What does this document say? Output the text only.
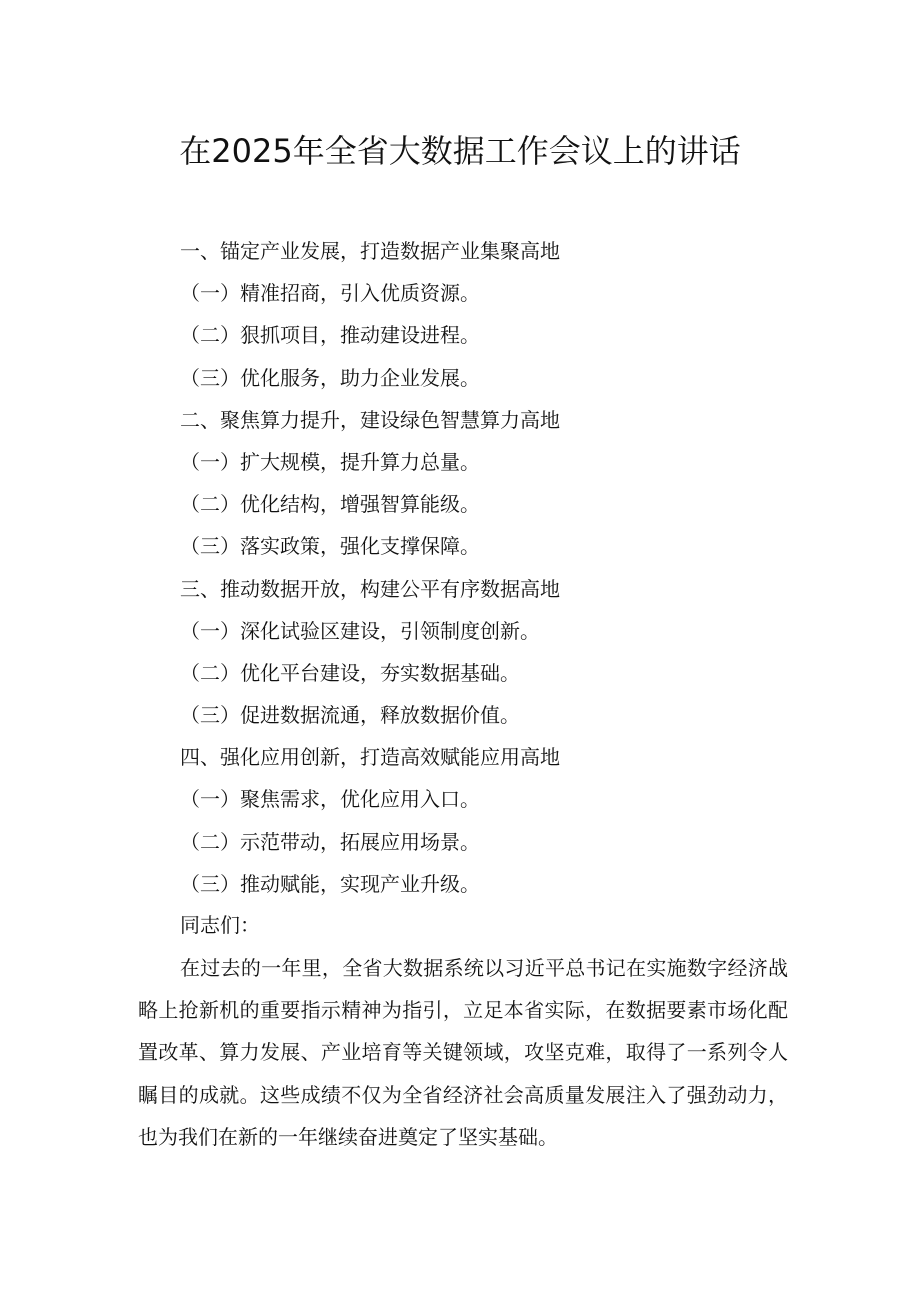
在2025年全省大数据工作会议上的讲话
一、锚定产业发展，打造数据产业集聚高地
（一）精准招商，引入优质资源。
（二）狠抓项目，推动建设进程。
（三）优化服务，助力企业发展。
二、聚焦算力提升，建设绿色智慧算力高地
（一）扩大规模，提升算力总量。
（二）优化结构，增强智算能级。
（三）落实政策，强化支撑保障。
三、推动数据开放，构建公平有序数据高地
（一）深化试验区建设，引领制度创新。
（二）优化平台建设，夯实数据基础。
（三）促进数据流通，释放数据价值。
四、强化应用创新，打造高效赋能应用高地
（一）聚焦需求，优化应用入口。
（二）示范带动，拓展应用场景。
（三）推动赋能，实现产业升级。
同志们：

在过去的一年里，全省大数据系统以习近平总书记在实施数字经济战略上抢新机的重要指示精神为指引，立足本省实际，在数据要素市场化配置改革、算力发展、产业培育等关键领域，攻坚克难，取得了一系列令人瞩目的成就。这些成绩不仅为全省经济社会高质量发展注入了强劲动力，也为我们在新的一年继续奋进奠定了坚实基础。
